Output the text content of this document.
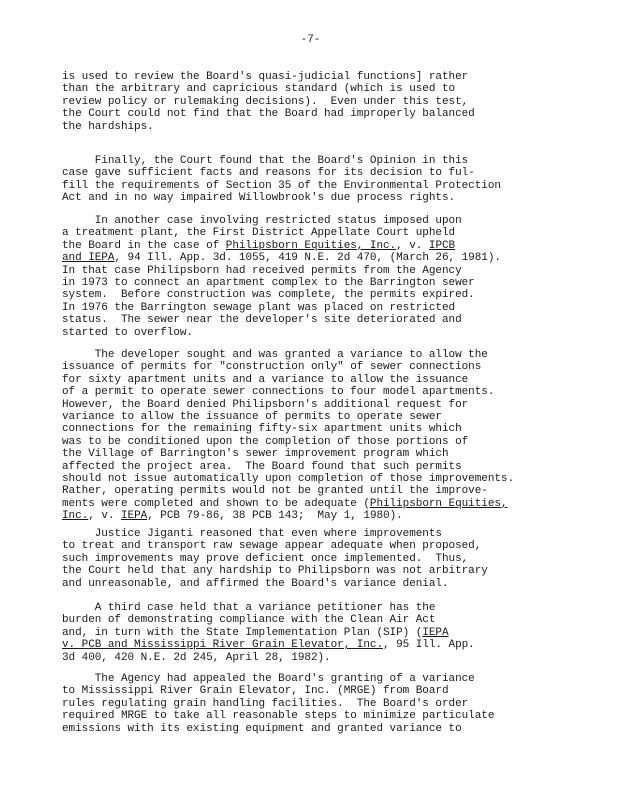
-7-
is used to review the Board's quasi-judicial functions] rather
than the arbitrary and capricious standard (which is used to
review policy or rulemaking decisions).  Even under this test,
the Court could not find that the Board had improperly balanced
the hardships.
Finally, the Court found that the Board's Opinion in this
case gave sufficient facts and reasons for its decision to ful-
fill the requirements of Section 35 of the Environmental Protection
Act and in no way impaired Willowbrook's due process rights.
In another case involving restricted status imposed upon
a treatment plant, the First District Appellate Court upheld
the Board in the case of Philipsborn Equities, Inc., v. IPCB
and IEPA, 94 Ill. App. 3d. 1055, 419 N.E. 2d 470, (March 26, 1981).
In that case Philipsborn had received permits from the Agency
in 1973 to connect an apartment complex to the Barrington sewer
system.  Before construction was complete, the permits expired.
In 1976 the Barrington sewage plant was placed on restricted
status.  The sewer near the developer's site deteriorated and
started to overflow.
The developer sought and was granted a variance to allow the
issuance of permits for "construction only" of sewer connections
for sixty apartment units and a variance to allow the issuance
of a permit to operate sewer connections to four model apartments.
However, the Board denied Philipsborn's additional request for
variance to allow the issuance of permits to operate sewer
connections for the remaining fifty-six apartment units which
was to be conditioned upon the completion of those portions of
the Village of Barrington's sewer improvement program which
affected the project area.  The Board found that such permits
should not issue automatically upon completion of those improvements.
Rather, operating permits would not be granted until the improve-
ments were completed and shown to be adequate (Philipsborn Equities,
Inc., v. IEPA, PCB 79-86, 38 PCB 143;  May 1, 1980).
Justice Jiganti reasoned that even where improvements
to treat and transport raw sewage appear adequate when proposed,
such improvements may prove deficient once implemented.  Thus,
the Court held that any hardship to Philipsborn was not arbitrary
and unreasonable, and affirmed the Board's variance denial.
A third case held that a variance petitioner has the
burden of demonstrating compliance with the Clean Air Act
and, in turn with the State Implementation Plan (SIP) (IEPA
v. PCB and Mississippi River Grain Elevator, Inc., 95 Ill. App.
3d 400, 420 N.E. 2d 245, April 28, 1982).
The Agency had appealed the Board's granting of a variance
to Mississippi River Grain Elevator, Inc. (MRGE) from Board
rules regulating grain handling facilities.  The Board's order
required MRGE to take all reasonable steps to minimize particulate
emissions with its existing equipment and granted variance to
